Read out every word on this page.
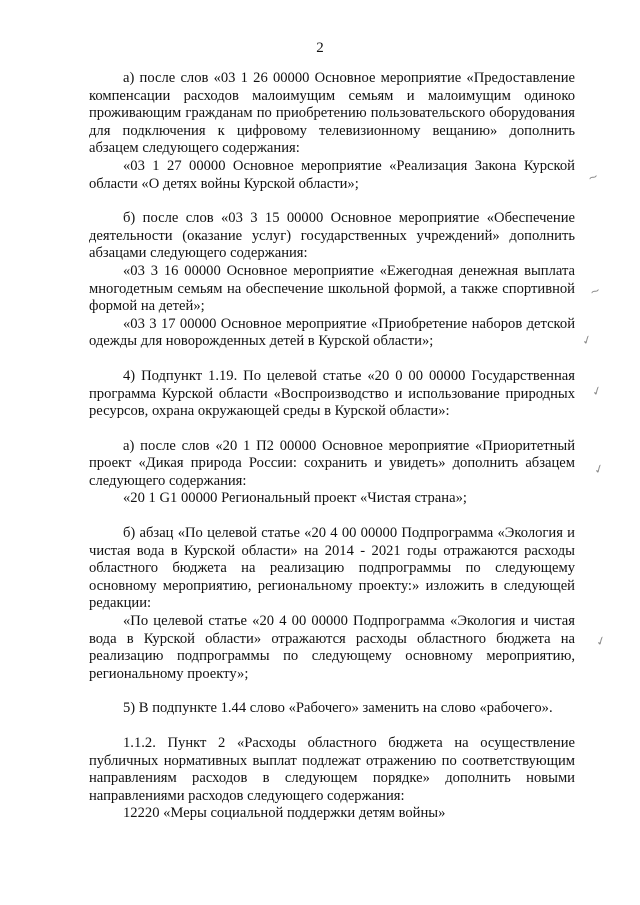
2

а) после слов «03 1 26 00000 Основное мероприятие «Предоставление компенсации расходов малоимущим семьям и малоимущим одиноко проживающим гражданам по приобретению пользовательского оборудования для подключения к цифровому телевизионному вещанию» дополнить абзацем следующего содержания:

«03 1 27 00000 Основное мероприятие «Реализация Закона Курской области «О детях войны Курской области»;

б) после слов «03 3 15 00000 Основное мероприятие «Обеспечение деятельности (оказание услуг) государственных учреждений» дополнить абзацами следующего содержания:

«03 3 16 00000 Основное мероприятие «Ежегодная денежная выплата многодетным семьям на обеспечение школьной формой, а также спортивной формой на детей»;

«03 3 17 00000 Основное мероприятие «Приобретение наборов детской одежды для новорожденных детей в Курской области»;

4) Подпункт 1.19. По целевой статье «20 0 00 00000 Государственная программа Курской области «Воспроизводство и использование природных ресурсов, охрана окружающей среды в Курской области»:

а) после слов «20 1 П2 00000 Основное мероприятие «Приоритетный проект «Дикая природа России: сохранить и увидеть» дополнить абзацем следующего содержания:

«20 1 G1 00000 Региональный проект «Чистая страна»;

б) абзац «По целевой статье «20 4 00 00000 Подпрограмма «Экология и чистая вода в Курской области» на 2014 - 2021 годы отражаются расходы областного бюджета на реализацию подпрограммы по следующему основному мероприятию, региональному проекту:» изложить в следующей редакции:

«По целевой статье «20 4 00 00000 Подпрограмма «Экология и чистая вода в Курской области» отражаются расходы областного бюджета на реализацию подпрограммы по следующему основному мероприятию, региональному проекту»;

5) В подпункте 1.44 слово «Рабочего» заменить на слово «рабочего».

1.1.2. Пункт 2 «Расходы областного бюджета на осуществление публичных нормативных выплат подлежат отражению по соответствующим направлениям расходов в следующем порядке» дополнить новыми направлениями расходов следующего содержания:

12220 «Меры социальной поддержки детям войны»

~
~
✓
✓
✓
✓
